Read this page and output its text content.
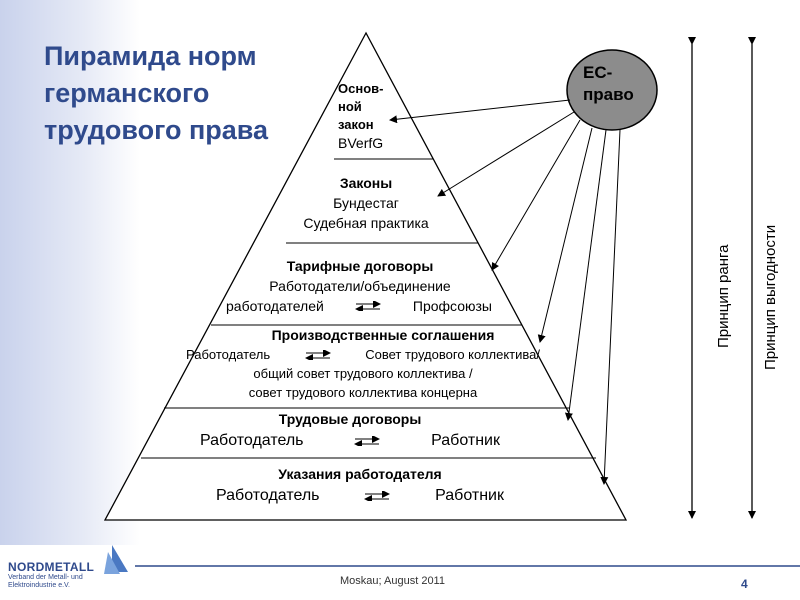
Пирамида норм
германского
трудового права
ЕС-
право
Основ-
ной
закон
BVerfG
Законы
Бундестаг
Судебная практика
Тарифные договоры
Работодатели/объединение
работодателей	Профсоюзы
Производственные соглашения
Работодатель	Совет трудового коллектива/
общий совет трудового коллектива /
совет трудового коллектива концерна
Трудовые договоры
Работодатель	Работник
Указания работодателя
Работодатель	Работник
Принцип ранга Принцип выгодности
NORDMETALL
Verband der Metall- und Elektroindustrie e.V.	Moskau; August 2011	4
